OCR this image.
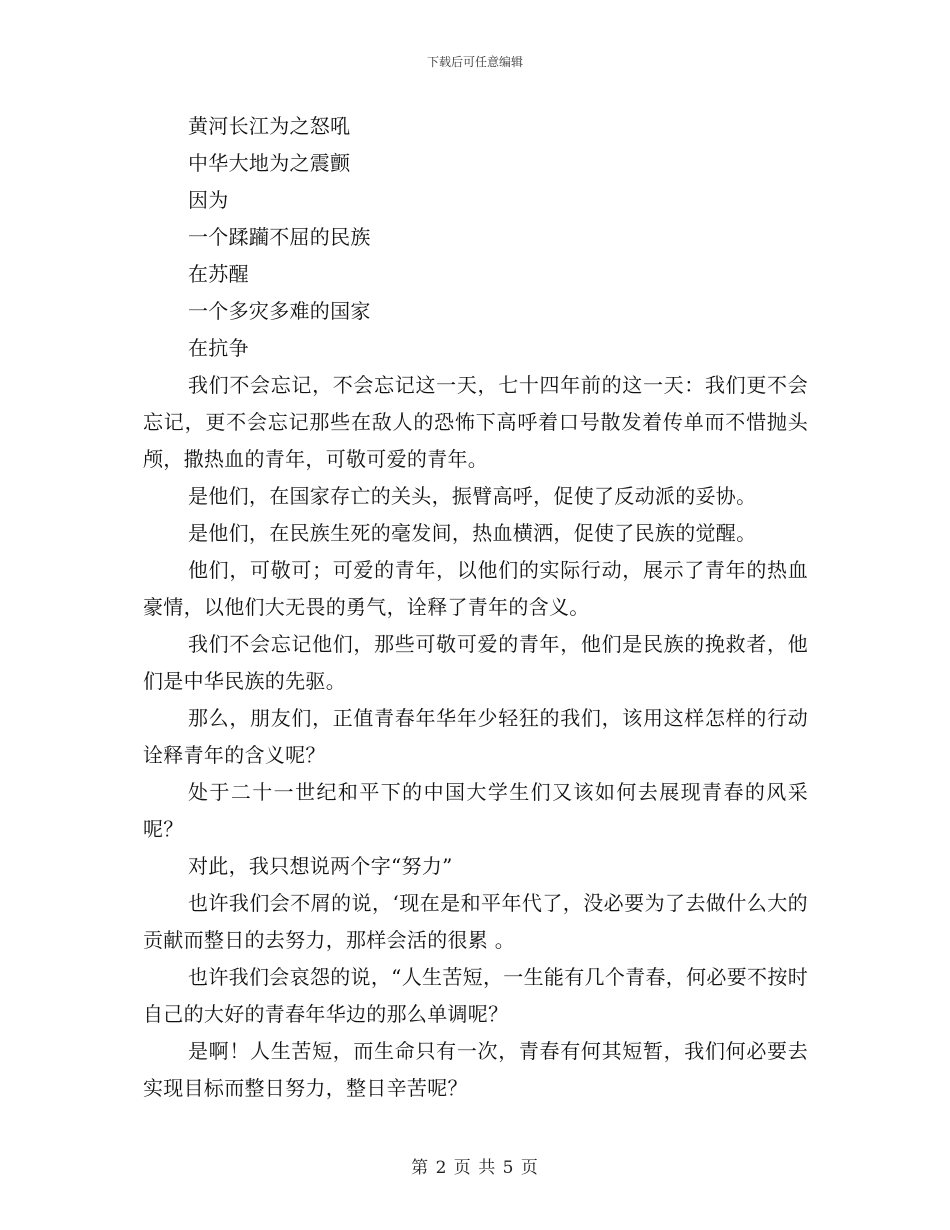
下载后可任意编辑

黄河长江为之怒吼

中华大地为之震颤

因为

一个蹂躏不屈的民族

在苏醒

一个多灾多难的国家

在抗争

我们不会忘记，不会忘记这一天，七十四年前的这一天：我们更不会忘记，更不会忘记那些在敌人的恐怖下高呼着口号散发着传单而不惜抛头颅，撒热血的青年，可敬可爱的青年。

是他们，在国家存亡的关头，振臂高呼，促使了反动派的妥协。

是他们，在民族生死的毫发间，热血横洒，促使了民族的觉醒。

他们，可敬可；可爱的青年，以他们的实际行动，展示了青年的热血豪情，以他们大无畏的勇气，诠释了青年的含义。

我们不会忘记他们，那些可敬可爱的青年，他们是民族的挽救者，他们是中华民族的先驱。

那么，朋友们，正值青春年华年少轻狂的我们，该用这样怎样的行动诠释青年的含义呢？

处于二十一世纪和平下的中国大学生们又该如何去展现青春的风采呢？

对此，我只想说两个字“努力”

也许我们会不屑的说，‘现在是和平年代了，没必要为了去做什么大的贡献而整日的去努力，那样会活的很累 。

也许我们会哀怨的说，“人生苦短，一生能有几个青春，何必要不按时自己的大好的青春年华边的那么单调呢？

是啊！人生苦短，而生命只有一次，青春有何其短暂，我们何必要去实现目标而整日努力，整日辛苦呢？

第 2 页 共 5 页
